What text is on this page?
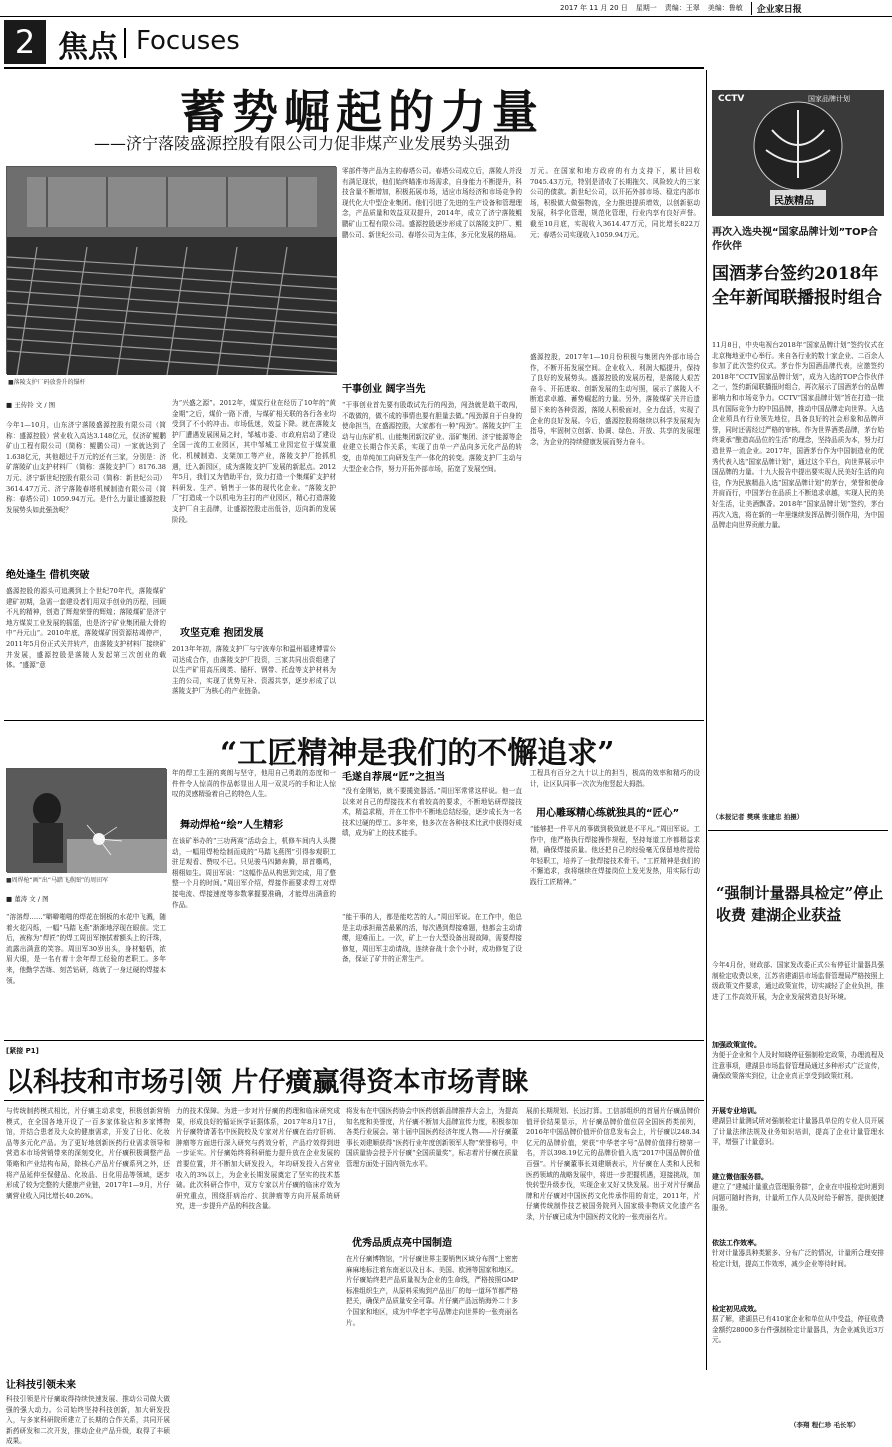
2017 年 11 月 20 日 星期一 责编：王翠 美编：鲁敏	企业家日报
2 焦点 Focuses
蓄势崛起的力量
——济宁落陵盛源控股有限公司力促非煤产业发展势头强劲
■落陵支护厂码放誊升的锚杆
■ 王传铃 文 / 图
今年1—10月，山东济宁落陵盛源控股有限公司（简称：盛源控股）营业收入高达3.148亿元，仅济矿鲲鹏矿山工程有限公司（简称：鲲鹏公司）一家就达到了1.638亿元，其他超过千万元的还有三家，分别是：济矿落陵矿山支护材料厂（简称：落陵支护厂）8176.38万元、济宁新世纪控股有限公司（简称：新世纪公司）3614.47万元、济宁落陵春塔机械制造有限公司（简称：春塔公司）1059.94万元。是什么力量让盛源控股发展势头如此强劲呢？
绝处逢生 借机突破
盛源控股的源头可追溯到上个世纪70年代，落陵煤矿建矿初期，急需一套建设者们用双手创业的历程，回顾不凡的精神，创造了辉煌荣誉的辉煌；落陵煤矿是济宁地方煤炭工业发展的摇篮，也是济宁矿业集团最大骨的中“丹元山”。2010年底，落陵煤矿因资源枯竭停产，2011年5月份正式关井转产，由落陵支护材料厂接续矿井发展，盛源控股是落陵人发起第三次创业的载体。“盛源”意
为“兴盛之源”。2012年，煤炭行业在经历了10年的“黄金期”之后，煤价一路下滑，与煤矿相关联的各行各业均受到了不小的冲击。市场低迷，效益下降。就在落陵支护厂遭遇发展困局之时，邹城市委、市政府启动了建设全国一流的工业园区，其中邹城工业园定位于煤炭重化、机械制造、支架加工等产业，落陵支护厂抢抓机遇，迁入新园区，成为落陵支护厂发展的新起点。2012年5月，我们又为借助平台，致力打造一个集煤矿支护材料研发、生产、销售于一体的现代化企业。“落陵支护厂”打造成一个以机电为主打的产业园区，精心打造落陵支护厂自主品牌，让盛源控股走出低谷，迈向新的发展阶段。
攻坚克难 抱团发展
2013年年初，落陵支护厂与宁波寿尔和温州福建博雷公司达成合作，由落陵支护厂投资，三家共同出资组建了以生产矿用高压阀类、锚杆、钢带、托盘等支护材料为主的公司，实现了优势互补、资源共享，逐步形成了以落陵支护厂为核心的产业链条。
零部件等产品为主的春塔公司。春塔公司成立后，落陵人并没有满足现状，他们始终瞄准市场需求，自身能力不断提升，科技含量不断增加，积极拓展市场，适应市场经济和市场竞争的现代化大中型企业集团。他们引进了先进的生产设备和管理理念，产品质量和效益双双提升，2014年，成立了济宁落陵鲲鹏矿山工程有限公司。盛源控股逐步形成了以落陵支护厂、鲲鹏公司、新世纪公司、春塔公司为主体，多元化发展的格局。
干事创业 阔字当先
“干事创业首先要有股敢试先行的闯劲，闯劲就是敢干敢闯，不敢做的，做不成的事情也要有胆量去做。”闯劲源自于自身的使命担当，在盛源控股，大家都有一种“闯劲”。落陵支护厂主动与山东矿机、山能集团新汶矿业、淄矿集团、济宁能源等企业建立长期合作关系，实现了由单一产品向多元化产品的转变，由单纯加工向研发生产一体化的转变。落陵支护厂主动与大型企业合作，努力开拓外部市场，拓宽了发展空间。
万元。在国家和地方政府的有力支持下，累计回收7045.43万元，特别是清收了长期拖欠、风险较大的三家公司的债款。新世纪公司，以开拓外部市场、稳定内部市场，积极做大做强物流，全力推进提质增效，以创新驱动发展，科学化管理，规范化管理，行业内享有良好声誉。截至10月底，实现收入3614.47万元，同比增长822万元；春塔公司实现收入1059.94万元。
盛源控股，2017年1—10月份积极与集团内外部市场合作，不断开拓发展空间。企业收入、利润大幅提升，保持了良好的发展势头。盛源控股的发展历程，是落陵人艰苦奋斗、开拓进取、创新发展的生动写照，展示了落陵人不断追求卓越、蓄势崛起的力量。另外，落陵煤矿关井后遗留下来的各种资源，落陵人积极面对，全力盘活，实现了企业的良好发展。今后，盛源控股将继续以科学发展观为指导，牢固树立创新、协调、绿色、开放、共享的发展理念，为企业的持续健康发展而努力奋斗。
CCTV	国家品牌计划
民族精品
再次入选央视“国家品牌计划”TOP合作伙伴
国酒茅台签约2018年全年新闻联播报时组合
11月8日，中央电视台2018年“国家品牌计划”签约仪式在北京梅地亚中心举行。来自各行业的数十家企业、二百余人参加了此次签约仪式。茅台作为国酒品牌代表，应邀签约2018年“CCTV国家品牌计划”，成为入选的TOP合作伙伴之一，签约新闻联播报时组合，再次展示了国酒茅台的品牌影响力和市场竞争力。CCTV“国家品牌计划”旨在打造一批具有国际竞争力的中国品牌，推动中国品牌走向世界。入选企业须具有行业领先地位，具备良好的社会形象和品牌声誉，同时还需经过严格的审核。作为世界酒类品牌，茅台始终秉承“酿造高品位的生活”的理念，坚持品质为本，努力打造世界一流企业。2017年，国酒茅台作为中国制造业的优秀代表入选“国家品牌计划”，通过这个平台，向世界展示中国品牌的力量。十九大报告中提出要实现人民美好生活的向往，作为民族精品入选“国家品牌计划”的茅台，荣誉和使命并肩而行，中国茅台在品质上不断追求卓越，实现人民的美好生活，让美酒飘香。2018年“国家品牌计划”签约，茅台再次入选，将在新的一年里继续发挥品牌引领作用，为中国品牌走向世界贡献力量。
（本报记者 樊瑛 张建忠 拍摄）
“工匠精神是我们的不懈追求”
■周焊枪“画”出“马踏飞燕图”的周田军
■ 董涛 文 / 图
“溶溶焊……”噼噼啪啪的焊花在钢板的水花中飞溅，随着火花闪烁，一幅“马踏飞燕”渐渐地浮现在眼前。完工后，被称为“焊匠”的焊工周田军擦拭着额头上的汗珠，流露出满意的笑容。周田军30岁出头，身材魁梧，浓眉大眼，是一名有着十余年焊工经验的老职工。多年来，他勤学苦练、刻苦钻研，练就了一身过硬的焊接本领。
年的焊工生涯的爽朗与坚守，他用自己勇敢的态度和一件件令人惊喜的作品彰显出人用一双灵巧的手和让人惊叹的灵感精验着自己的特色人生。
舞动焊枪“绘”人生精彩
在该矿举办的“三功两赛”活动会上，机修车间内人头攒动，一幅用焊枪绘制而成的“马踏飞燕图”引得参观职工驻足观看、赞叹不已。只见骏马四蹄奔腾，昂首嘶鸣，栩栩如生。周田军说：“这幅作品从构思到完成，用了整整一个月的时间。”周田军介绍，焊接作画要求焊工对焊接电流、焊接速度等参数掌握要准确，才能焊出满意的作品。
毛遂自荐展“匠”之担当
“没有金刚钻，就不要揽瓷器活。”周田军常常这样说。他一直以来对自己的焊接技术有着较高的要求，不断地钻研焊接技术，精益求精，并在工作中不断地总结经验，逐步成长为一名技术过硬的焊工。多年来，他多次在各种技术比武中获得好成绩，成为矿上的技术能手。
“能干事的人，都是能吃苦的人。”周田军说。在工作中，他总是主动承担最苦最累的活，每次遇到焊接难题，他都会主动请缨，迎难而上。一次，矿上一台大型设备出现故障，需要焊接修复，周田军主动请战，连续奋战十余个小时，成功修复了设备，保证了矿井的正常生产。
工程具有百分之九十以上的担当，极高的效率和精巧的设计，让区队同事一次次为他竖起大拇指。
用心雕琢精心练就独具的“匠心”
“能够把一件平凡的事做到极致就是不平凡。”周田军说。工作中，他严格执行焊接操作规程，坚持每道工序都精益求精，确保焊接质量。他还把自己的经验毫无保留地传授给年轻职工，培养了一批焊接技术骨干。“工匠精神是我们的不懈追求，我将继续在焊接岗位上发光发热，用实际行动践行工匠精神。”
“强制计量器具检定”停止收费 建湖企业获益
今年4月份，财政部、国家发改委正式公布停征计量器具强制检定收费以来，江苏省建湖县市场监督管理局严格按照上级政策文件要求，通过政策宣传，切实减轻了企业负担，推进了工作高效开展，为企业发展营造良好环境。
加强政策宣传。
为便于企业和个人及时知晓停征强制检定政策，办理流程及注意事项，建湖县市场监督管理局通过多种形式广泛宣传，确保政策落实到位，让企业真正享受到政策红利。
开展专业培训。
建湖县计量测试所对强制检定计量器具单位的专业人员开展了计量法律法规及业务知识培训，提高了企业计量管理水平，增强了计量意识。
建立微信服务群。
建立了“建城计量重点管理服务群”，企业在申报检定时遇到问题可随时咨询，计量所工作人员及时给予解答，提供便捷服务。
依法工作效率。
针对计量器具种类繁多、分布广泛的情况，计量所合理安排检定计划，提高工作效率，减少企业等待时间。
检定初见成效。
据了解，建湖县已有410家企业和单位从中受益，停征收费金额约28000多台件强制检定计量器具，为企业减负近3万元。
（李翔 程仁珍 毛长军）
[紧接 P1]
以科技和市场引领 片仔癀赢得资本市场青睐
与传统制药模式相比，片仔癀主动求变，积极创新营销模式，在全国各地开设了一百多家体验店和多家博物馆，并结合患者及大众的健康需求，开发了日化、化妆品等多元化产品。为了更好地创新医药行业需求领导和营造本市场营销带来的深刻变化，片仔癀积极调整产品策略和产业结构布局，除核心产品片仔癀系列之外，还将产品延伸至保健品、化妆品、日化用品等领域，逐步形成了较为完整的大健康产业链，2017年1—9月，片仔癀营业收入同比增长40.26%。
让科技引领未来
科技引领是片仔癀取得持续快速发展、推动公司做大做强的强大动力。公司始终坚持科技创新，加大研发投入，与多家科研院所建立了长期的合作关系，共同开展新药研发和二次开发，推动企业产品升级，取得了丰硕成果。
力的技术保障。为进一步对片仔癀的药理和临床研究成果，形成良好的循证医学证据体系，2017年8月17日，片仔癀特请著名中医院校及专家对片仔癀在治疗肝病、肿瘤等方面进行深入研究与药效分析，产品疗效得到进一步证实。片仔癀始终将科研能力提升放在企业发展的首要位置，并不断加大研发投入，年均研发投入占营业收入的3%以上，为企业长期发展奠定了坚实的技术基础。此次科研合作中，双方专家以片仔癀的临床疗效为研究重点，围绕肝病治疗、抗肿瘤等方向开展系统研究，进一步提升产品的科技含量。
将发布在中国医药协会中医药创新品牌推荐大会上，为提高知名度和美誉度，片仔癀不断加大品牌宣传力度，积极参加各类行业展会。第十届中国医药经济年度人物——片仔癀董事长刘建顺获得“医药行业年度创新领军人物”荣誉称号，中国质量协会授予片仔癀“全国质量奖”，标志着片仔癀在质量管理方面处于国内领先水平。
优秀品质点亮中国制造
在片仔癀博物馆，“片仔癀世界主要销售区域分布图”上密密麻麻地标注着东南亚以及日本、美国、欧洲等国家和地区。片仔癀始终把产品质量视为企业的生命线，严格按照GMP标准组织生产，从原料采购到产品出厂的每一道环节都严格把关，确保产品质量安全可靠。片仔癀产品远销海外二十多个国家和地区，成为中华老字号品牌走向世界的一张亮丽名片。
展前长期规划、长远打算。工信部组织的首届片仔癀品牌价值评价结果显示，片仔癀品牌价值位居全国医药类前列，2016年中国品牌价值评价信息发布会上，片仔癀以248.34亿元的品牌价值，荣获“中华老字号”品牌价值排行榜第一名，并以398.19亿元的品牌价值入选“2017中国品牌价值百强”。片仔癀董事长刘建顺表示，片仔癀在人类和人民和医药领域的战略发展中，将进一步把握机遇，迎接挑战，加快转型升级步伐，实现企业又好又快发展。出于对片仔癀品牌和片仔癀对中国医药文化传承作用的肯定，2011年，片仔癀传统制作技艺被国务院列入国家级非物质文化遗产名录，片仔癀已成为中国医药文化的一张亮丽名片。
